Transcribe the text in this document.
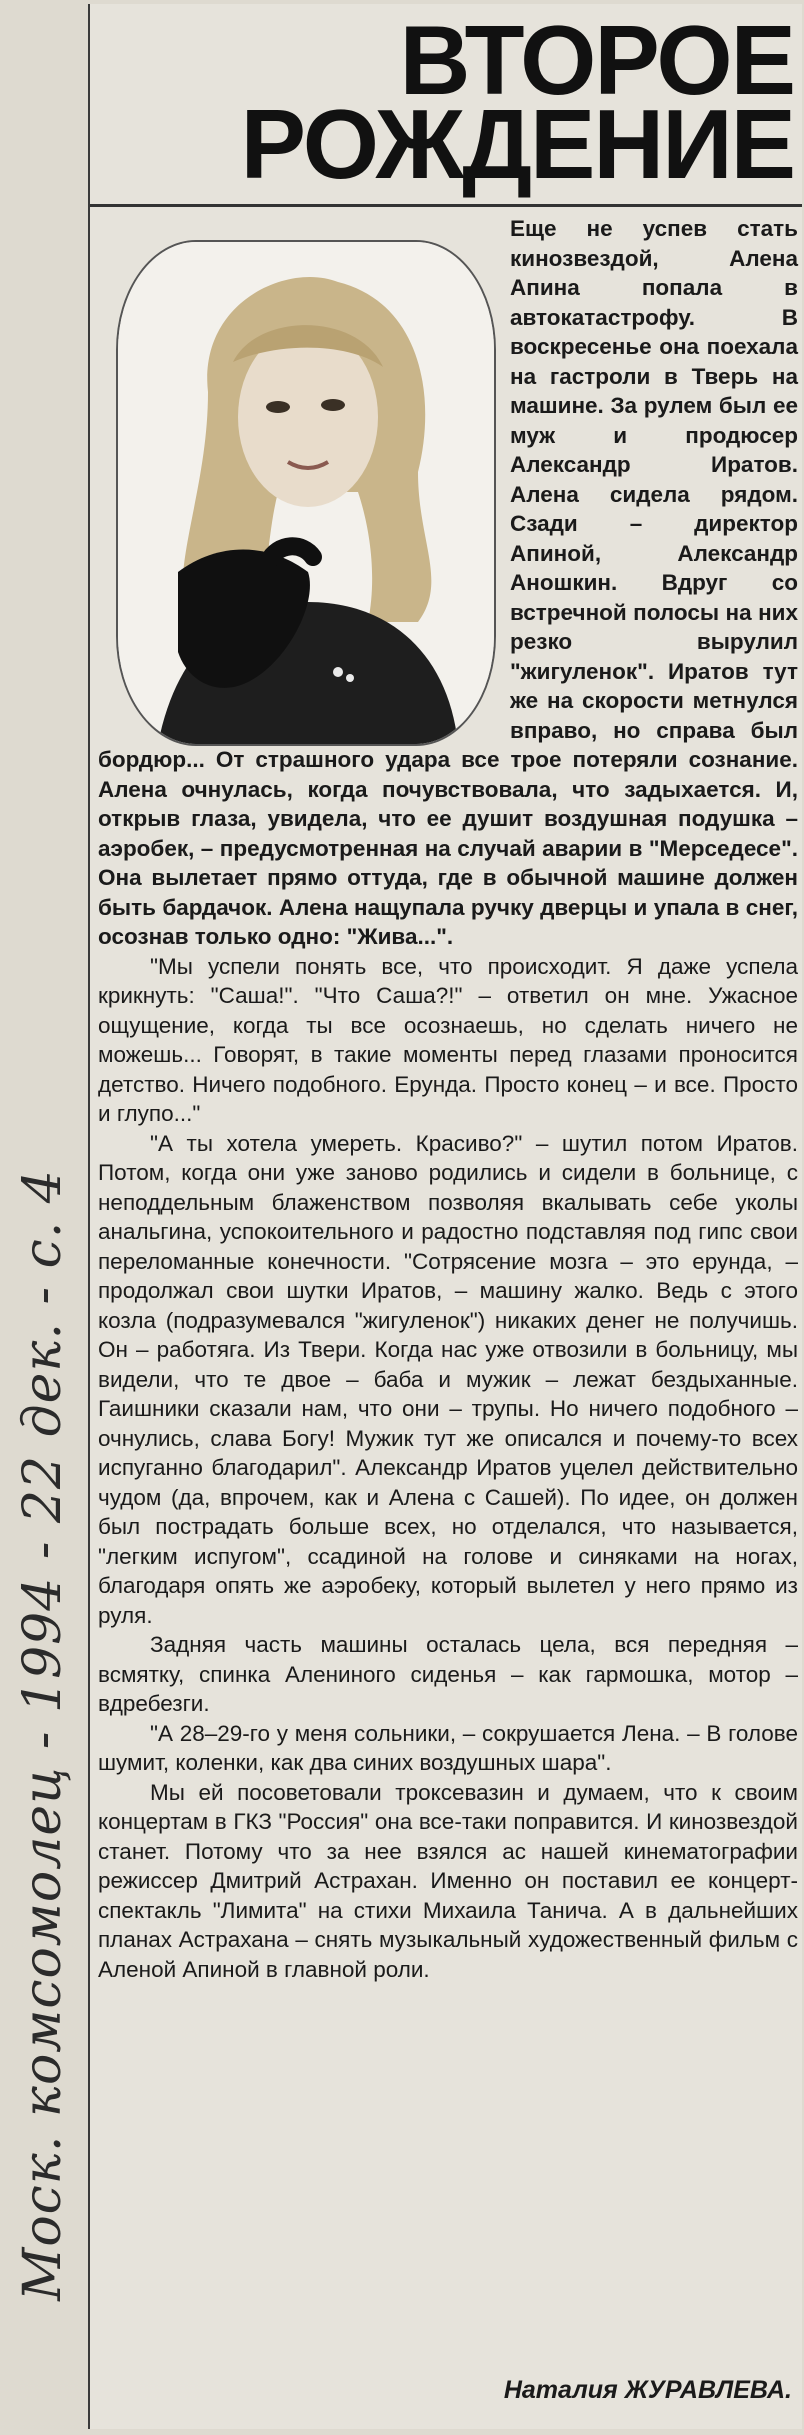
Моск. комсомолец - 1994 - 22 дек. - с. 4
ВТОРОЕ
РОЖДЕНИЕ
Еще не успев стать кинозвездой, Алена Апина попала в автокатастрофу. В воскресенье она поехала на гастроли в Тверь на машине. За рулем был ее муж и продюсер Александр Иратов. Алена сидела рядом. Сзади – директор Апиной, Александр Аношкин. Вдруг со встречной полосы на них резко вырулил "жигуленок". Иратов тут же на скорости метнулся вправо, но справа был бордюр... От страшного удара все трое потеряли сознание. Алена очнулась, когда почувствовала, что задыхается. И, открыв глаза, увидела, что ее душит воздушная подушка – аэробек, – предусмотренная на случай аварии в "Мерседесе". Она вылетает прямо оттуда, где в обычной машине должен быть бардачок. Алена нащупала ручку дверцы и упала в снег, осознав только одно: "Жива...".

"Мы успели понять все, что происходит. Я даже успела крикнуть: "Саша!". "Что Саша?!" – ответил он мне. Ужасное ощущение, когда ты все осознаешь, но сделать ничего не можешь... Говорят, в такие моменты перед глазами проносится детство. Ничего подобного. Ерунда. Просто конец – и все. Просто и глупо..."

"А ты хотела умереть. Красиво?" – шутил потом Иратов. Потом, когда они уже заново родились и сидели в больнице, с неподдельным блаженством позволяя вкалывать себе уколы анальгина, успокоительного и радостно подставляя под гипс свои переломанные конечности. "Сотрясение мозга – это ерунда, – продолжал свои шутки Иратов, – машину жалко. Ведь с этого козла (подразумевался "жигуленок") никаких денег не получишь. Он – работяга. Из Твери. Когда нас уже отвозили в больницу, мы видели, что те двое – баба и мужик – лежат бездыханные. Гаишники сказали нам, что они – трупы. Но ничего подобного – очнулись, слава Богу! Мужик тут же описался и почему-то всех испуганно благодарил". Александр Иратов уцелел действительно чудом (да, впрочем, как и Алена с Сашей). По идее, он должен был пострадать больше всех, но отделался, что называется, "легким испугом", ссадиной на голове и синяками на ногах, благодаря опять же аэробеку, который вылетел у него прямо из руля.

Задняя часть машины осталась цела, вся передняя – всмятку, спинка Алениного сиденья – как гармошка, мотор – вдребезги.

"А 28–29-го у меня сольники, – сокрушается Лена. – В голове шумит, коленки, как два синих воздушных шара".

Мы ей посоветовали троксевазин и думаем, что к своим концертам в ГКЗ "Россия" она все-таки поправится. И кинозвездой станет. Потому что за нее взялся ас нашей кинематографии режиссер Дмитрий Астрахан. Именно он поставил ее концерт-спектакль "Лимита" на стихи Михаила Танича. А в дальнейших планах Астрахана – снять музыкальный художественный фильм с Аленой Апиной в главной роли.

Наталия ЖУРАВЛЕВА.
